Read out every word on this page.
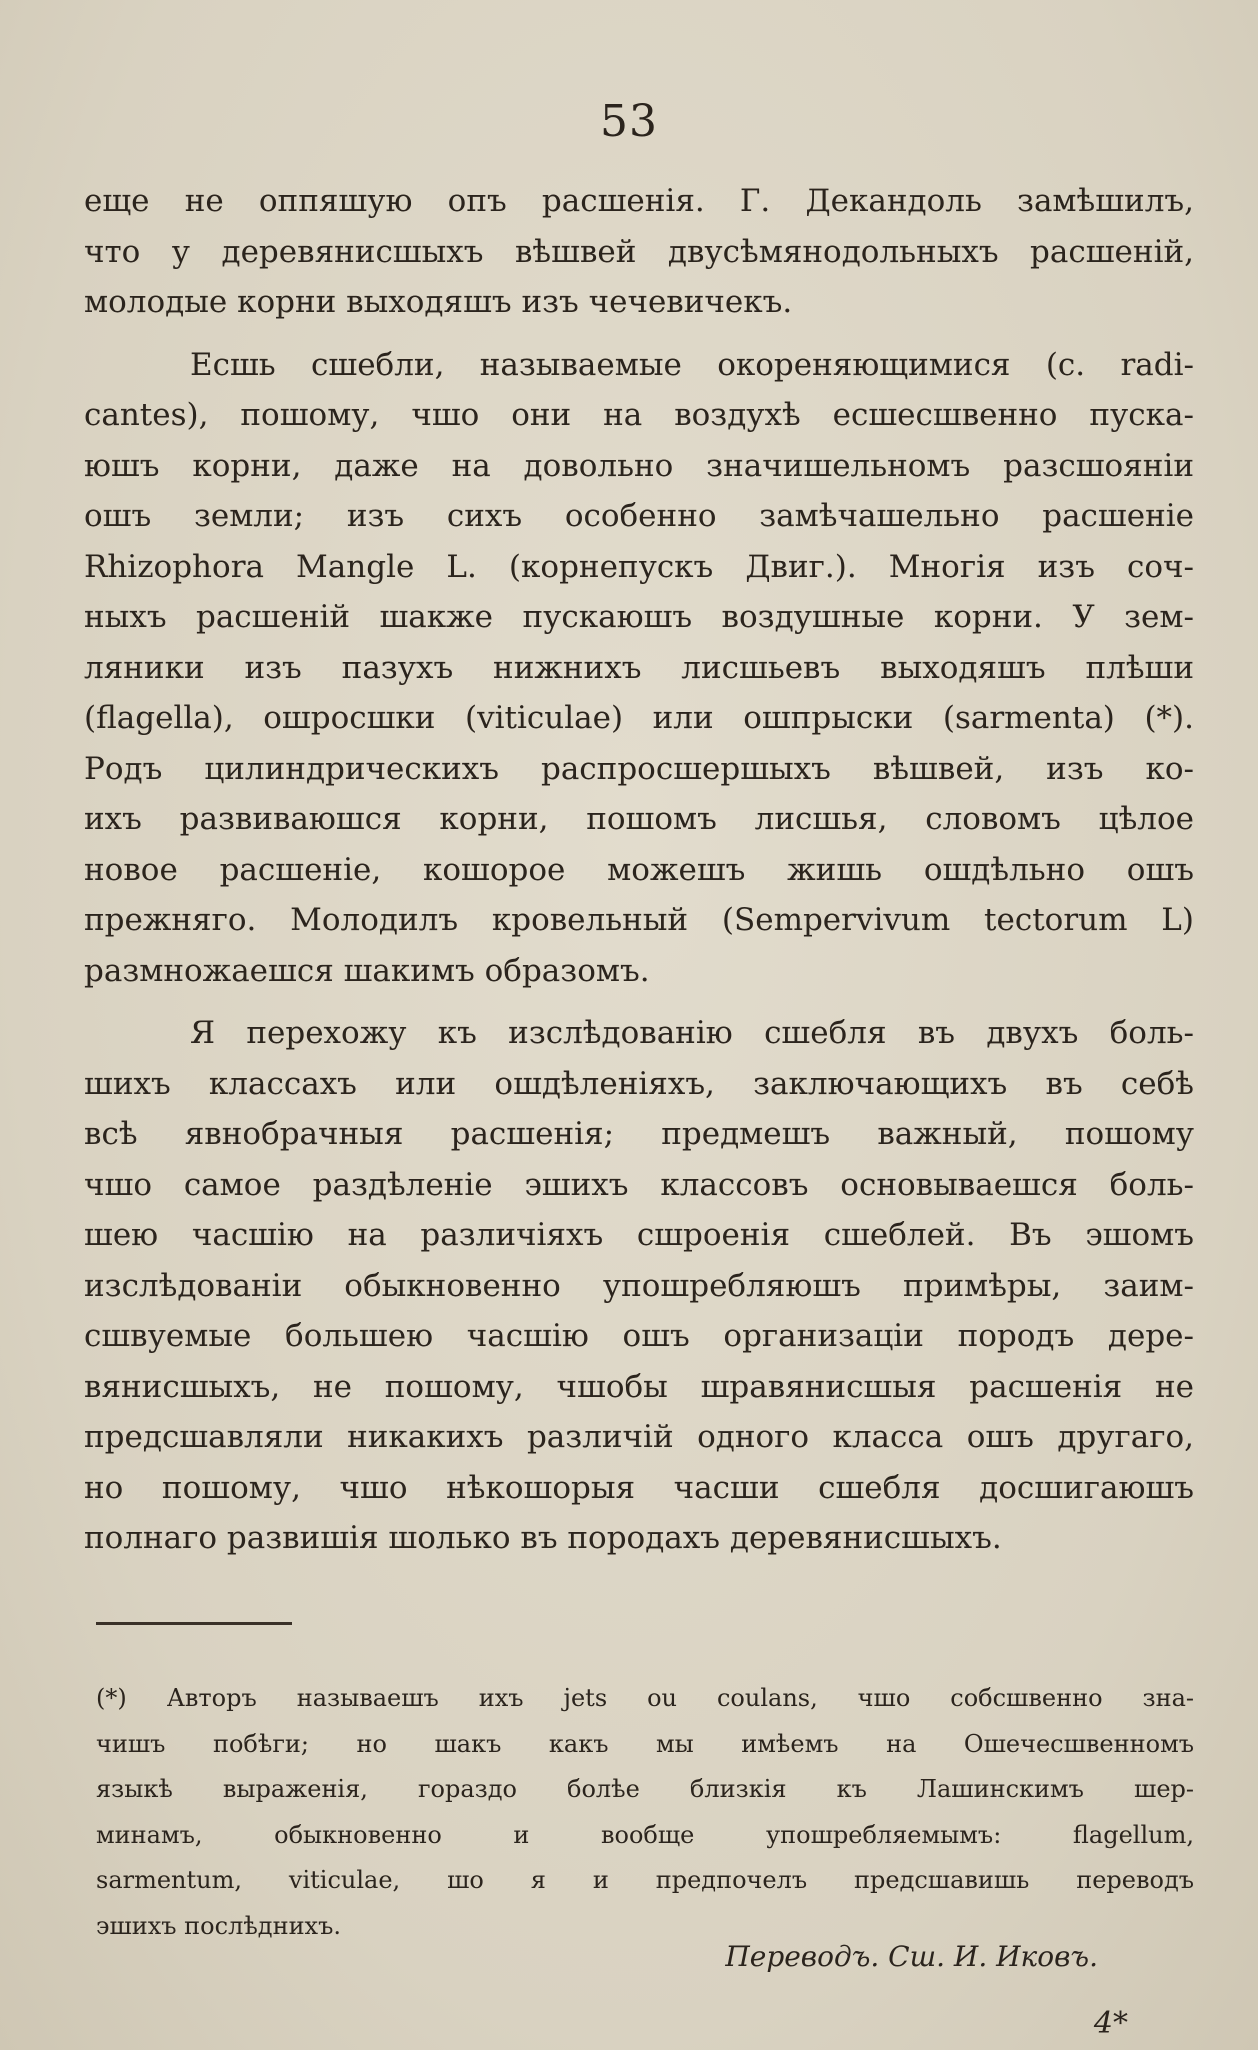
53

еще не оппяшую опъ расшенія. Г. Декандоль замѣшилъ,
что у деревянисшыхъ вѣшвей двусѣмянодольныхъ расшеній,
молодые корни выходяшъ изъ чечевичекъ.

Есшь сшебли, называемые окореняющимися (с. radi-
cantes), пошому, чшо они на воздухѣ есшесшвенно пуска-
юшъ корни, даже на довольно значишельномъ разсшояніи
ошъ земли; изъ сихъ особенно замѣчашельно расшеніе
Rhizophora Mangle L. (корнепускъ Двиг.). Многія изъ соч-
ныхъ расшеній шакже пускаюшъ воздушные корни. У зем-
ляники изъ пазухъ нижнихъ лисшьевъ выходяшъ плѣши
(flagella), ошросшки (viticulae) или ошпрыски (sarmenta) (*).
Родъ цилиндрическихъ распросшершыхъ вѣшвей, изъ ко-
ихъ развиваюшся корни, пошомъ лисшья, словомъ цѣлое
новое расшеніе, кошорое можешъ жишь ошдѣльно ошъ
прежняго. Молодилъ кровельный (Sempervivum tectorum L)
размножаешся шакимъ образомъ.

Я перехожу къ изслѣдованію сшебля въ двухъ боль-
шихъ классахъ или ошдѣленіяхъ, заключающихъ въ себѣ
всѣ явнобрачныя расшенія; предмешъ важный, пошому
чшо самое раздѣленіе эшихъ классовъ основываешся боль-
шею часшію на различіяхъ сшроенія сшеблей. Въ эшомъ
изслѣдованіи обыкновенно упошребляюшъ примѣры, заим-
сшвуемые большею часшію ошъ организаціи породъ дере-
вянисшыхъ, не пошому, чшобы шравянисшыя расшенія не
предсшавляли никакихъ различій одного класса ошъ другаго,
но пошому, чшо нѣкошорыя часши сшебля досшигаюшъ
полнаго развишія шолько въ породахъ деревянисшыхъ.

(*) Авторъ называешъ ихъ jets ou coulans, чшо собсшвенно зна-
чишъ побѣги; но шакъ какъ мы имѣемъ на Ошечесшвенномъ
языкѣ выраженія, гораздо болѣе близкія къ Лашинскимъ шер-
минамъ, обыкновенно и вообще упошребляемымъ: flagellum,
sarmentum, viticulae, шо я и предпочелъ предсшавишь переводъ
эшихъ послѣднихъ.
Переводъ. Сш. И. Иковъ.
4*
